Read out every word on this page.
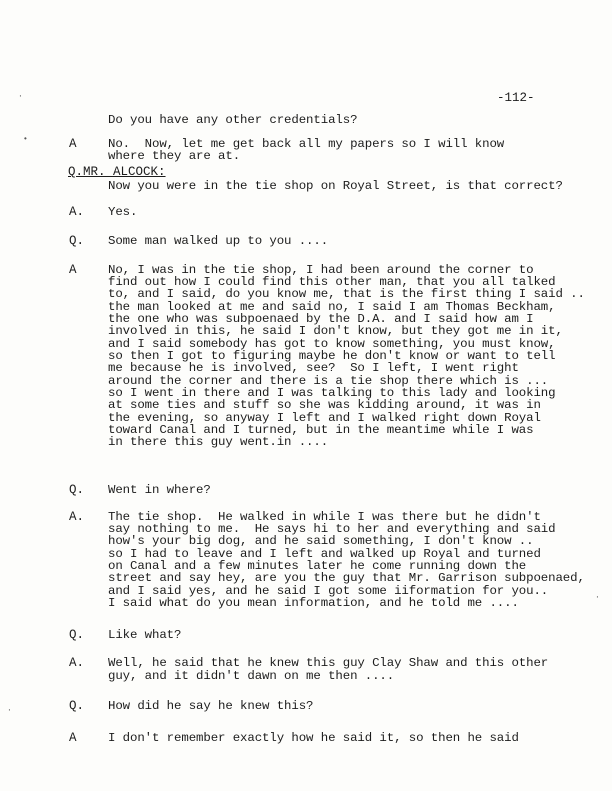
-112-
Do you have any other credentials?
A	No.  Now, let me get back all my papers so I will know
where they are at.
Q.MR. ALCOCK:
Now you were in the tie shop on Royal Street, is that correct?
A. Yes.
Q. Some man walked up to you ....
A	No, I was in the tie shop, I had been around the corner to
find out how I could find this other man, that you all talked
to, and I said, do you know me, that is the first thing I said ..
the man looked at me and said no, I said I am Thomas Beckham,
the one who was subpoenaed by the D.A. and I said how am I
involved in this, he said I don't know, but they got me in it,
and I said somebody has got to know something, you must know,
so then I got to figuring maybe he don't know or want to tell
me because he is involved, see?  So I left, I went right
around the corner and there is a tie shop there which is ...
so I went in there and I was talking to this lady and looking
at some ties and stuff so she was kidding around, it was in
the evening, so anyway I left and I walked right down Royal
toward Canal and I turned, but in the meantime while I was
in there this guy went.in ....
Q. Went in where?
A. The tie shop.  He walked in while I was there but he didn't
say nothing to me.  He says hi to her and everything and said
how's your big dog, and he said something, I don't know ..
so I had to leave and I left and walked up Royal and turned
on Canal and a few minutes later he come running down the
street and say hey, are you the guy that Mr. Garrison subpoenaed,
and I said yes, and he said I got some iiformation for you..
I said what do you mean information, and he told me ....
Q. Like what?
A. Well, he said that he knew this guy Clay Shaw and this other
guy, and it didn't dawn on me then ....
Q. How did he say he knew this?
A	I don't remember exactly how he said it, so then he said
·
•
·
·
